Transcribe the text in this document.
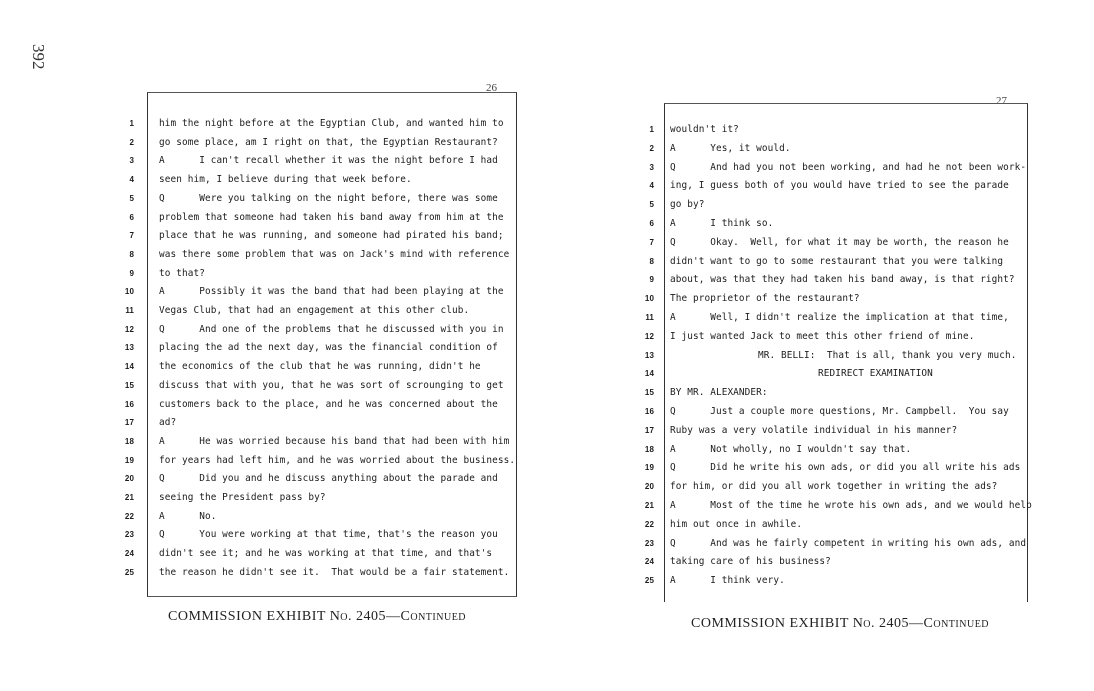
392
26
1	him the night before at the Egyptian Club, and wanted him to
2	go some place, am I right on that, the Egyptian Restaurant?
3	A      I can't recall whether it was the night before I had
4	seen him, I believe during that week before.
5	Q      Were you talking on the night before, there was some
6	problem that someone had taken his band away from him at the
7	place that he was running, and someone had pirated his band;
8	was there some problem that was on Jack's mind with reference
9	to that?
10	A      Possibly it was the band that had been playing at the
11	Vegas Club, that had an engagement at this other club.
12	Q      And one of the problems that he discussed with you in
13	placing the ad the next day, was the financial condition of
14	the economics of the club that he was running, didn't he
15	discuss that with you, that he was sort of scrounging to get
16	customers back to the place, and he was concerned about the
17	ad?
18	A      He was worried because his band that had been with him
19	for years had left him, and he was worried about the business.
20	Q      Did you and he discuss anything about the parade and
21	seeing the President pass by?
22	A      No.
23	Q      You were working at that time, that's the reason you
24	didn't see it; and he was working at that time, and that's
25	the reason he didn't see it.  That would be a fair statement.
27
1 wouldn't it?
2 A      Yes, it would.
3 Q      And had you not been working, and had he not been work-
4 ing, I guess both of you would have tried to see the parade
5 go by?
6 A      I think so.
7 Q      Okay.  Well, for what it may be worth, the reason he
8 didn't want to go to some restaurant that you were talking
9 about, was that they had taken his band away, is that right?
10 The proprietor of the restaurant?
11 A      Well, I didn't realize the implication at that time,
12 I just wanted Jack to meet this other friend of mine.
13	MR. BELLI:  That is all, thank you very much.
14	REDIRECT EXAMINATION
15 BY MR. ALEXANDER:
16 Q      Just a couple more questions, Mr. Campbell.  You say
17 Ruby was a very volatile individual in his manner?
18 A      Not wholly, no I wouldn't say that.
19 Q      Did he write his own ads, or did you all write his ads
20 for him, or did you all work together in writing the ads?
21 A      Most of the time he wrote his own ads, and we would help
22 him out once in awhile.
23 Q      And was he fairly competent in writing his own ads, and
24 taking care of his business?
25 A      I think very.
COMMISSION EXHIBIT No. 2405—Continued	COMMISSION EXHIBIT No. 2405—Continued
